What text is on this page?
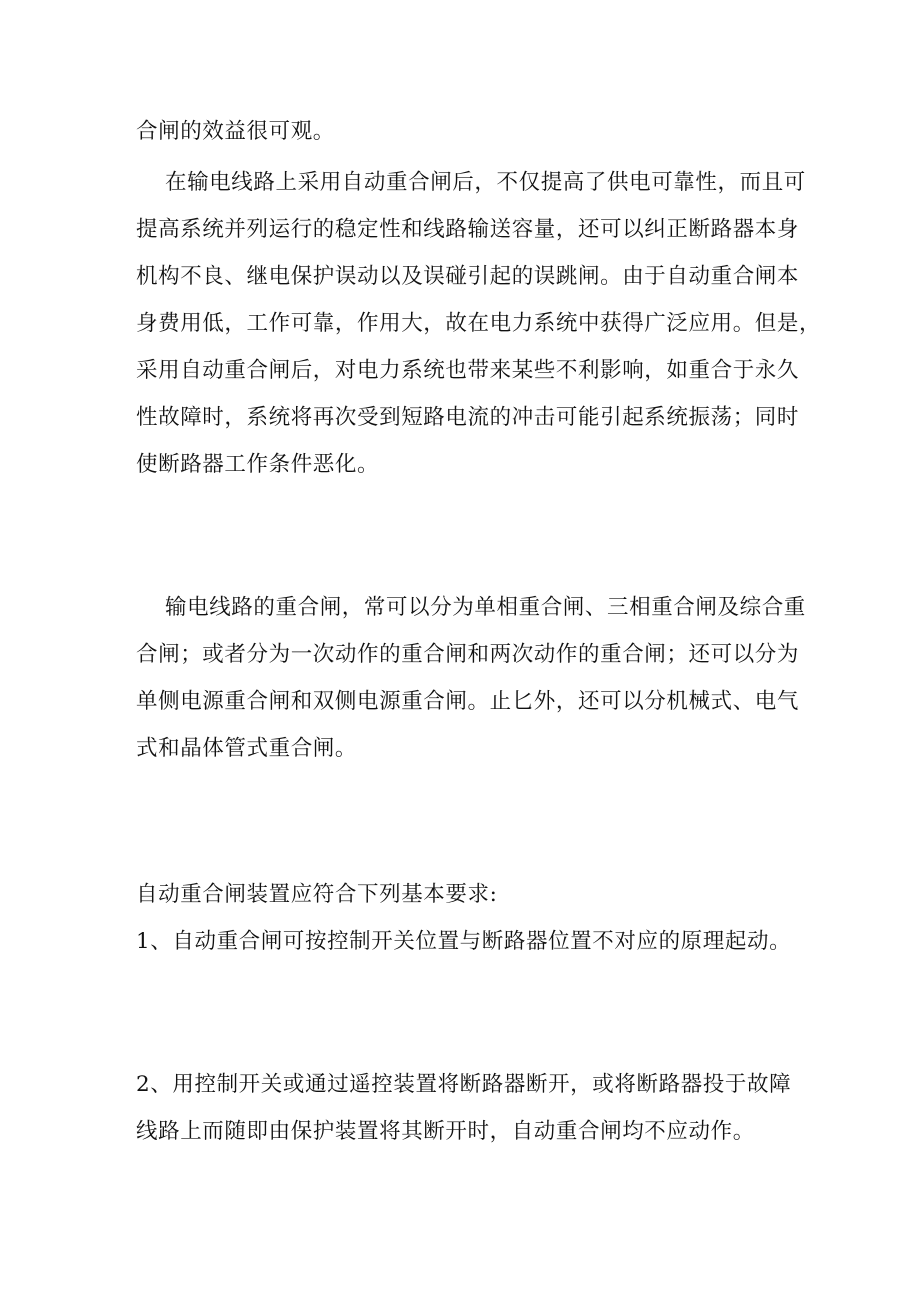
合闸的效益很可观。
在输电线路上采用自动重合闸后，不仅提高了供电可靠性，而且可
提高系统并列运行的稳定性和线路输送容量，还可以纠正断路器本身
机构不良、继电保护误动以及误碰引起的误跳闸。由于自动重合闸本
身费用低，工作可靠，作用大，故在电力系统中获得广泛应用。但是，
采用自动重合闸后，对电力系统也带来某些不利影响，如重合于永久
性故障时，系统将再次受到短路电流的冲击可能引起系统振荡；同时
使断路器工作条件恶化。
输电线路的重合闸，常可以分为单相重合闸、三相重合闸及综合重
合闸；或者分为一次动作的重合闸和两次动作的重合闸；还可以分为
单侧电源重合闸和双侧电源重合闸。止匕外，还可以分机械式、电气
式和晶体管式重合闸。
自动重合闸装置应符合下列基本要求:
1、自动重合闸可按控制开关位置与断路器位置不对应的原理起动。
2、用控制开关或通过遥控装置将断路器断开，或将断路器投于故障
线路上而随即由保护装置将其断开时，自动重合闸均不应动作。
